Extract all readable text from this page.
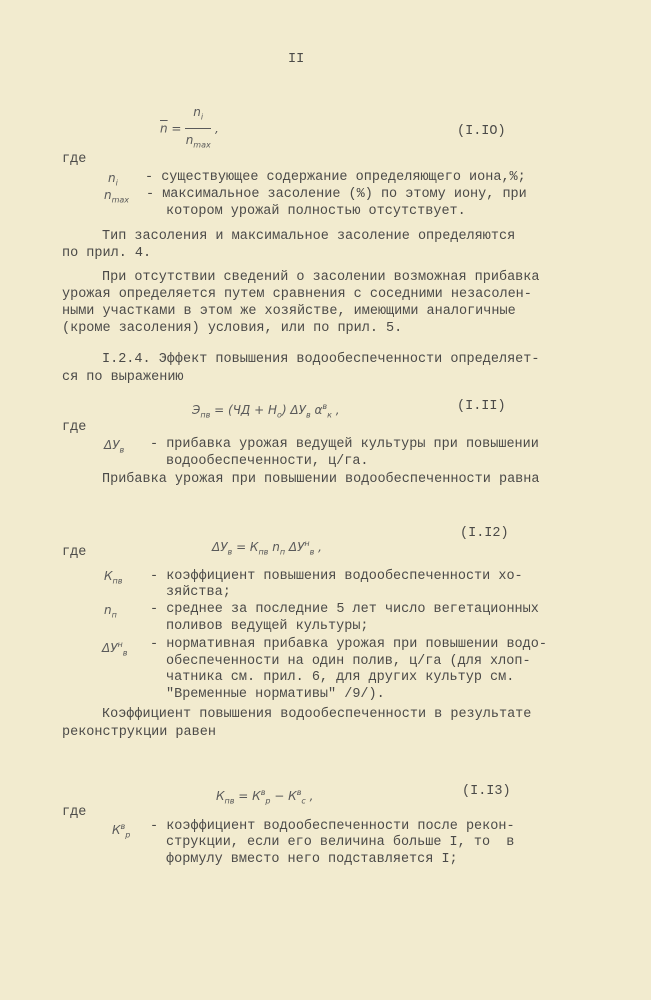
II
$\overline{n} = \frac{n_i}{n_{max}}$ ,	(I.IO)
где
$n_i$ - существующее содержание определяющего иона,%;
$n_{max}$ - максимальное засоление (%) по этому иону, при
котором урожай полностью отсутствует.
Тип засоления и максимальное засоление определяются
по прил. 4.
При отсутствии сведений о засолении возможная прибавка
урожая определяется путем сравнения с соседними незасолен-
ными участками в этом же хозяйстве, имеющими аналогичные
(кроме засоления) условия, или по прил. 5.
I.2.4. Эффект повышения водообеспеченности определяет-
ся по выражению
$Э_{пв} = (ЧД + Н_o)$ $\Delta У_в$ $\alpha^в_к$ ,	(I.II)
где
$\Delta У_в$ - прибавка урожая ведущей культуры при повышении
водообеспеченности, ц/га.
Прибавка урожая при повышении водообеспеченности равна
$\Delta У_в = К_{пв}$ $n_п$ $\Delta У^н_в$ ,
(I.I2)
где
$К_{пв}$ - коэффициент повышения водообеспеченности хо-
зяйства;
$n_п$ - среднее за последние 5 лет число вегетационных
поливов ведущей культуры;
$\Delta У^н_в$
- нормативная прибавка урожая при повышении водо-
обеспеченности на один полив, ц/га (для хлоп-
чатника см. прил. 6, для других культур см.
"Временные нормативы" /9/).
Коэффициент повышения водообеспеченности в результате
реконструкции равен
$К_{пв} = К^в_р - К^в_с$ ,	(I.I3)
где
$К^в_р$
- коэффициент водообеспеченности после рекон-
струкции, если его величина больше I, то  в
формулу вместо него подставляется I;
